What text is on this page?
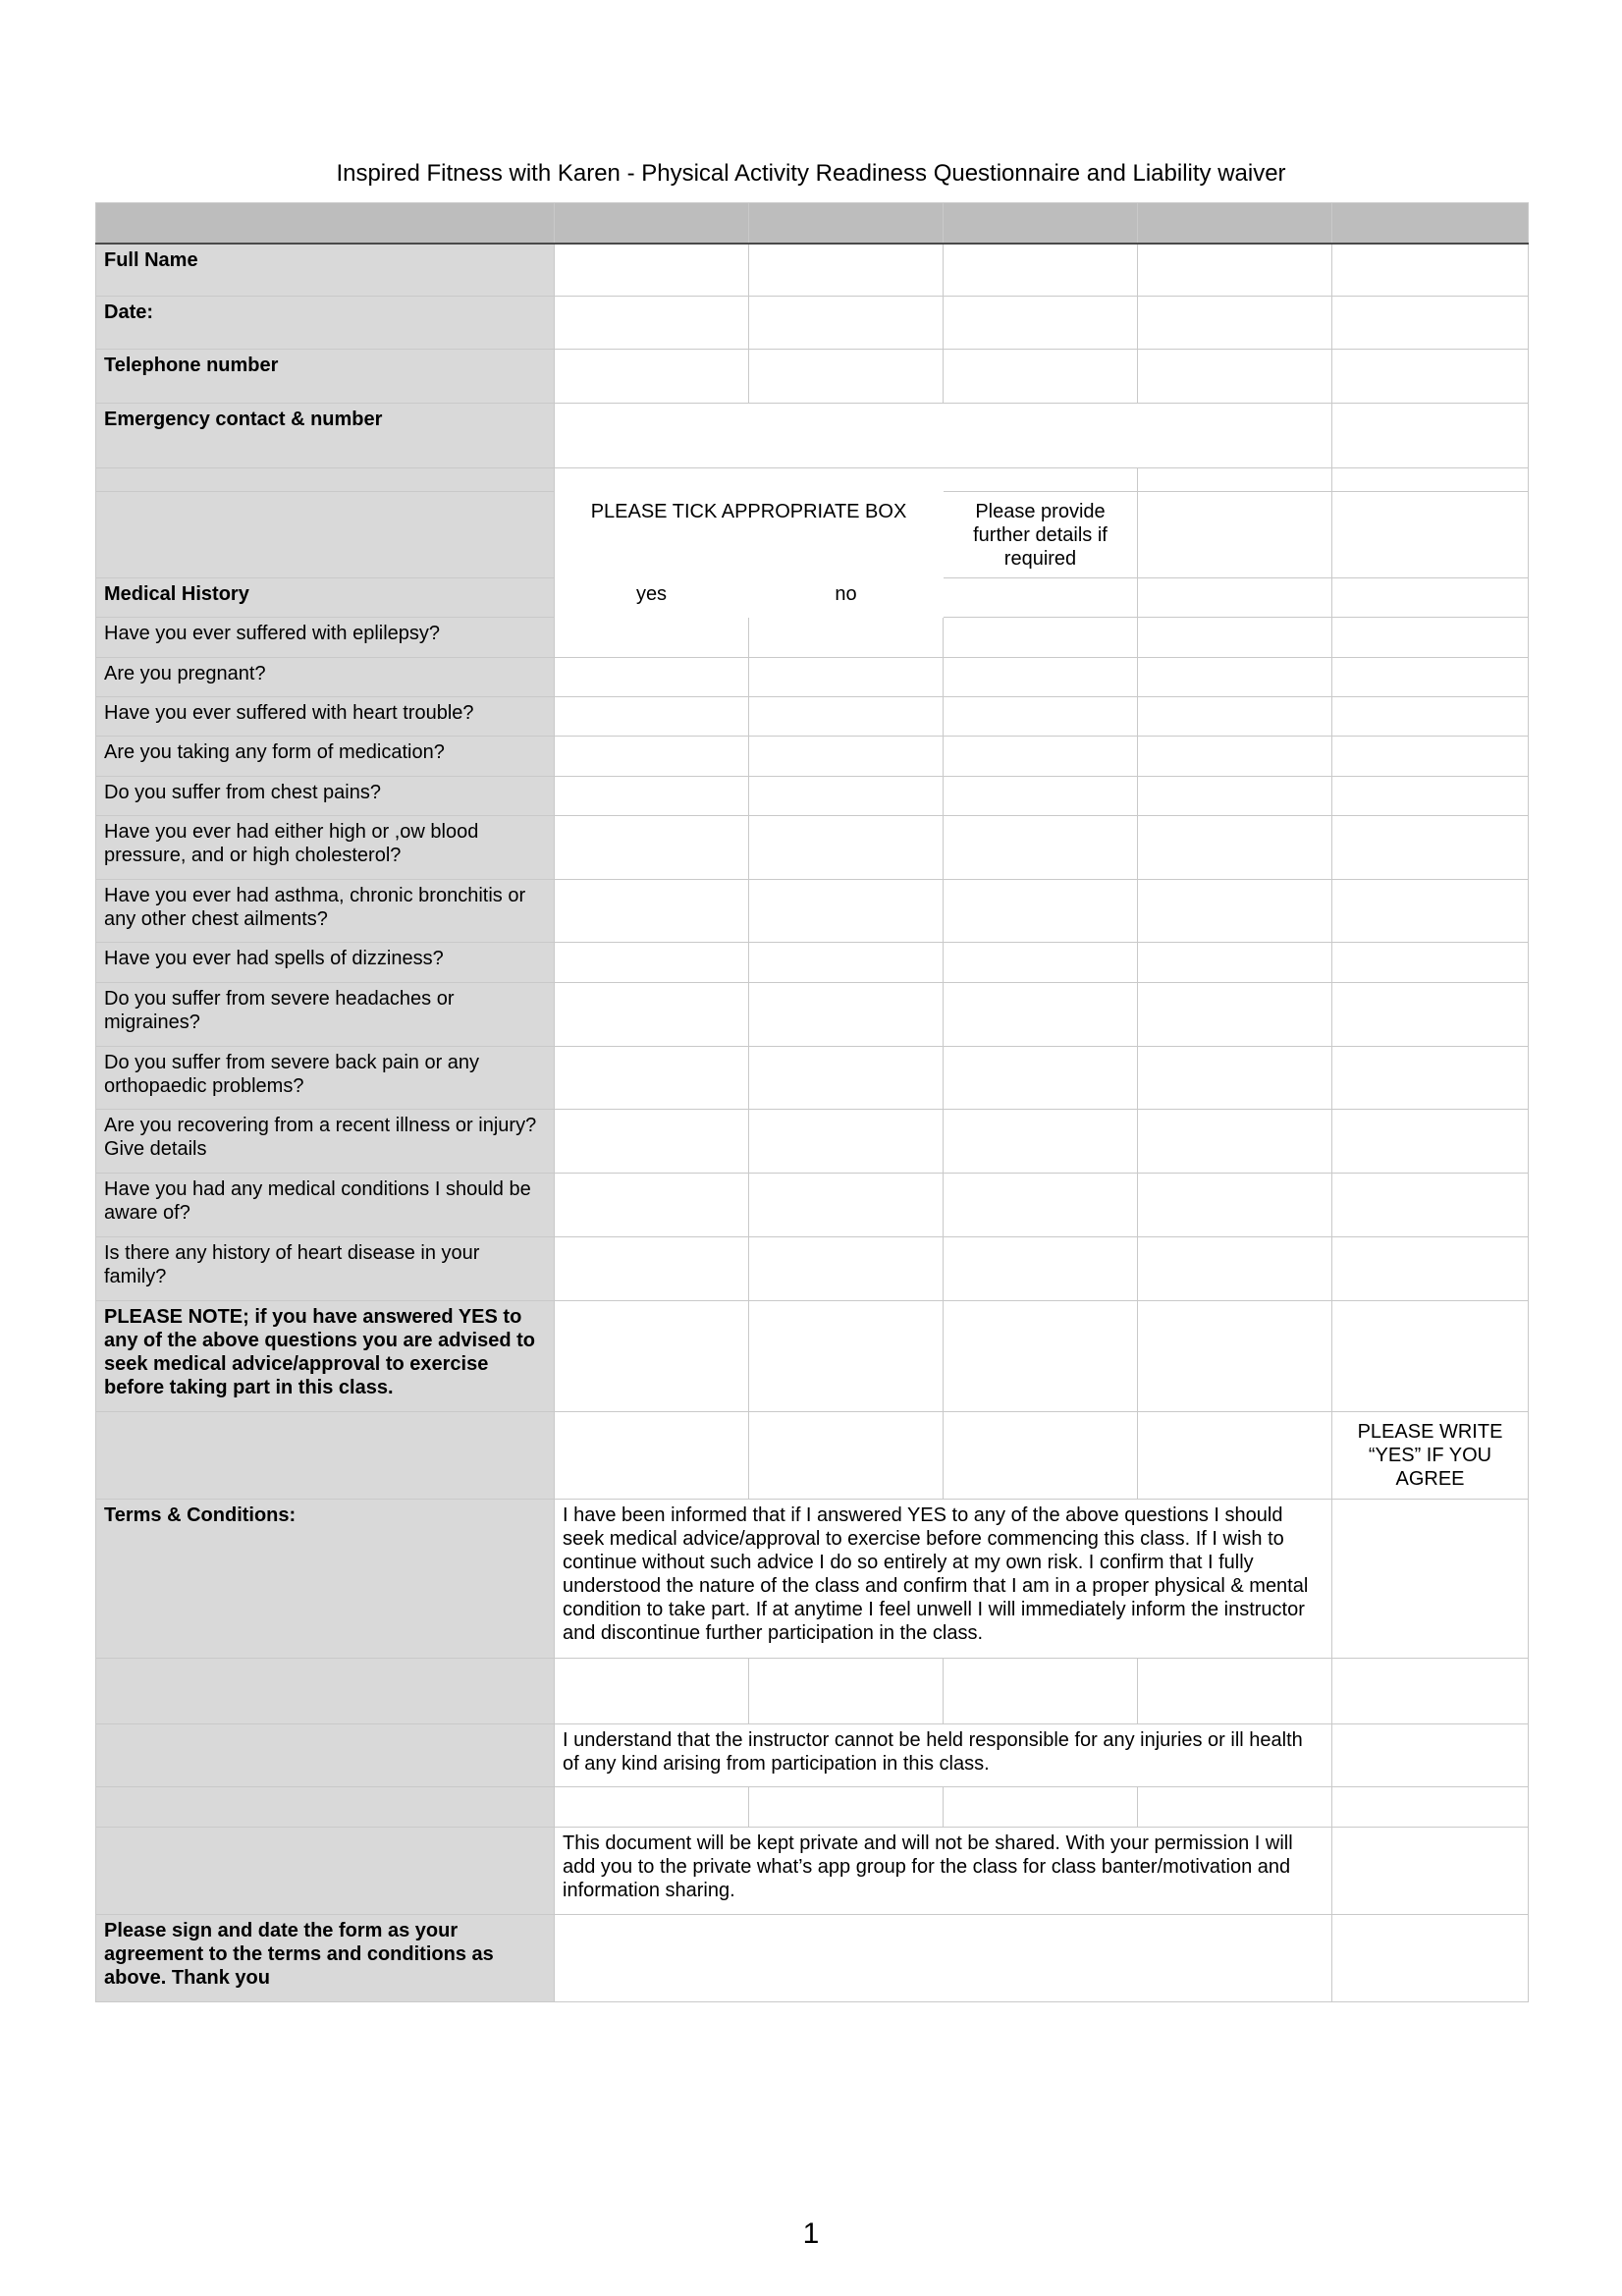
Inspired Fitness with Karen - Physical Activity Readiness Questionnaire and Liability waiver

Full Name					
Date:					
Telephone number					
Emergency contact & number					

	PLEASE TICK APPROPRIATE BOX		Please provide further details if required		
Medical History	yes	no			
Have you ever suffered with eplilepsy?					
Are you pregnant?					
Have you ever suffered with heart trouble?					
Are you taking any form of medication?					
Do you suffer from chest pains?					
Have you ever had either high or ,ow blood pressure, and or high cholesterol?					
Have you ever had asthma, chronic bronchitis or any other chest ailments?					
Have you ever had spells of dizziness?					
Do you suffer from severe headaches or migraines?					
Do you suffer from severe back pain or any orthopaedic problems?					
Are you recovering from a recent illness or injury? Give details					
Have you had any medical conditions I should be aware of?					
Is there any history of heart disease in your family?					
PLEASE NOTE; if you have answered YES to any of the above questions you are advised to seek medical advice/approval to exercise before taking part in this class.					
					PLEASE WRITE “YES” IF YOU AGREE
Terms & Conditions:	I have been informed that if I answered YES to any of the above questions I should seek medical advice/approval to exercise before commencing this class. If I wish to continue without such advice I do so entirely at my own risk. I confirm that I fully understood the nature of the class and confirm that I am in a proper physical & mental condition to take part. If at anytime I feel unwell I will immediately inform the instructor and discontinue further participation in the class.				

	I understand that the instructor cannot be held responsible for any injuries or ill health of any kind arising from participation in this class.				

	This document will be kept private and will not be shared. With your permission I will add you to the private what’s app group for the class for class banter/motivation and information sharing.				
Please sign and date the form as your agreement to the terms and conditions as above. Thank you					
1
